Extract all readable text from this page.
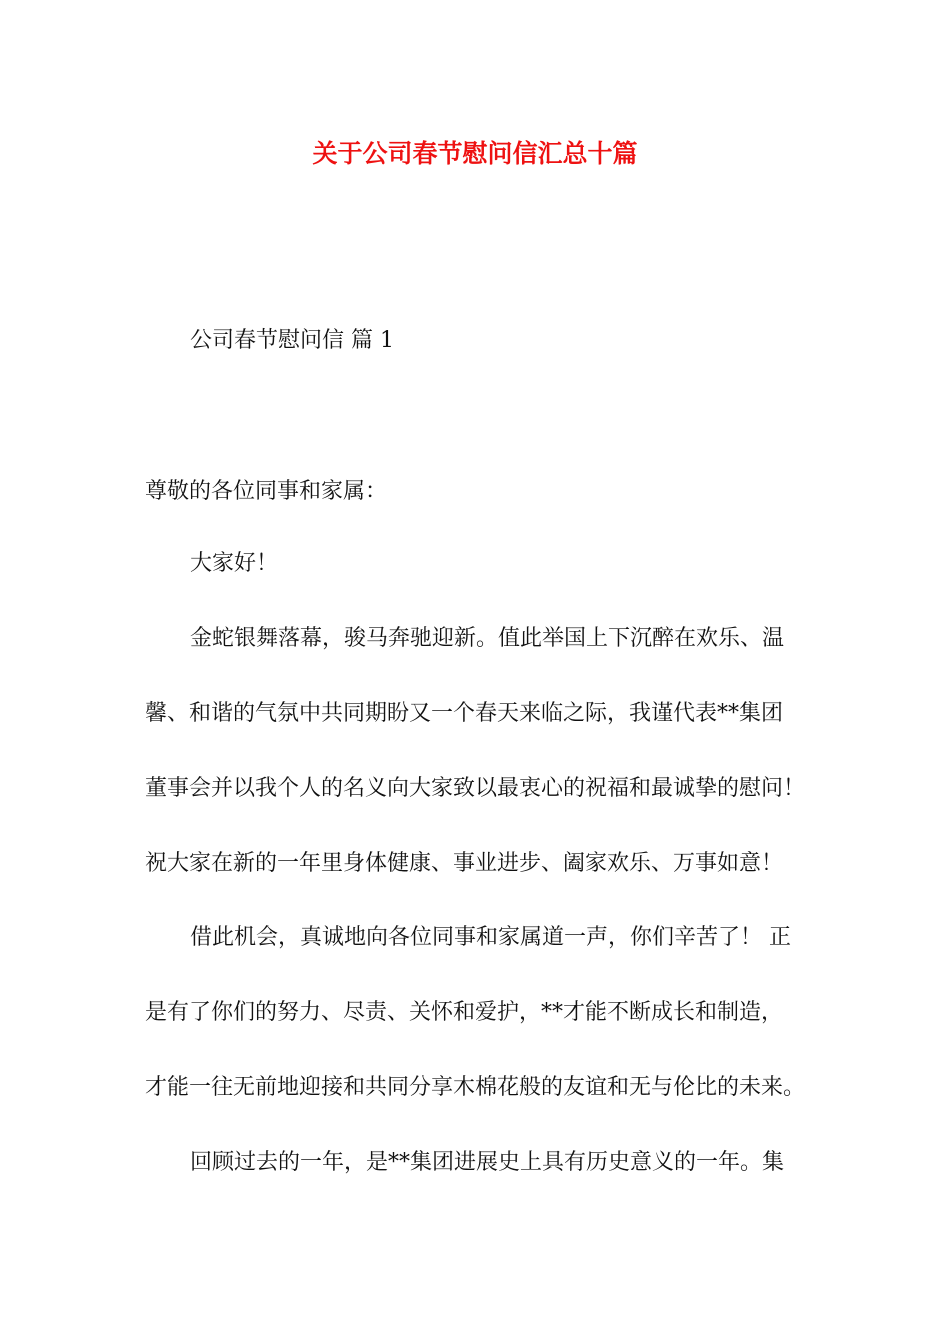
关于公司春节慰问信汇总十篇
公司春节慰问信 篇 1
尊敬的各位同事和家属：
大家好！
金蛇银舞落幕，骏马奔驰迎新。值此举国上下沉醉在欢乐、温
馨、和谐的气氛中共同期盼又一个春天来临之际，我谨代表**集团
董事会并以我个人的名义向大家致以最衷心的祝福和最诚挚的慰问！
祝大家在新的一年里身体健康、事业进步、阖家欢乐、万事如意！
借此机会，真诚地向各位同事和家属道一声，你们辛苦了！ 正
是有了你们的努力、尽责、关怀和爱护，**才能不断成长和制造，
才能一往无前地迎接和共同分享木棉花般的友谊和无与伦比的未来。
回顾过去的一年，是**集团进展史上具有历史意义的一年。集
